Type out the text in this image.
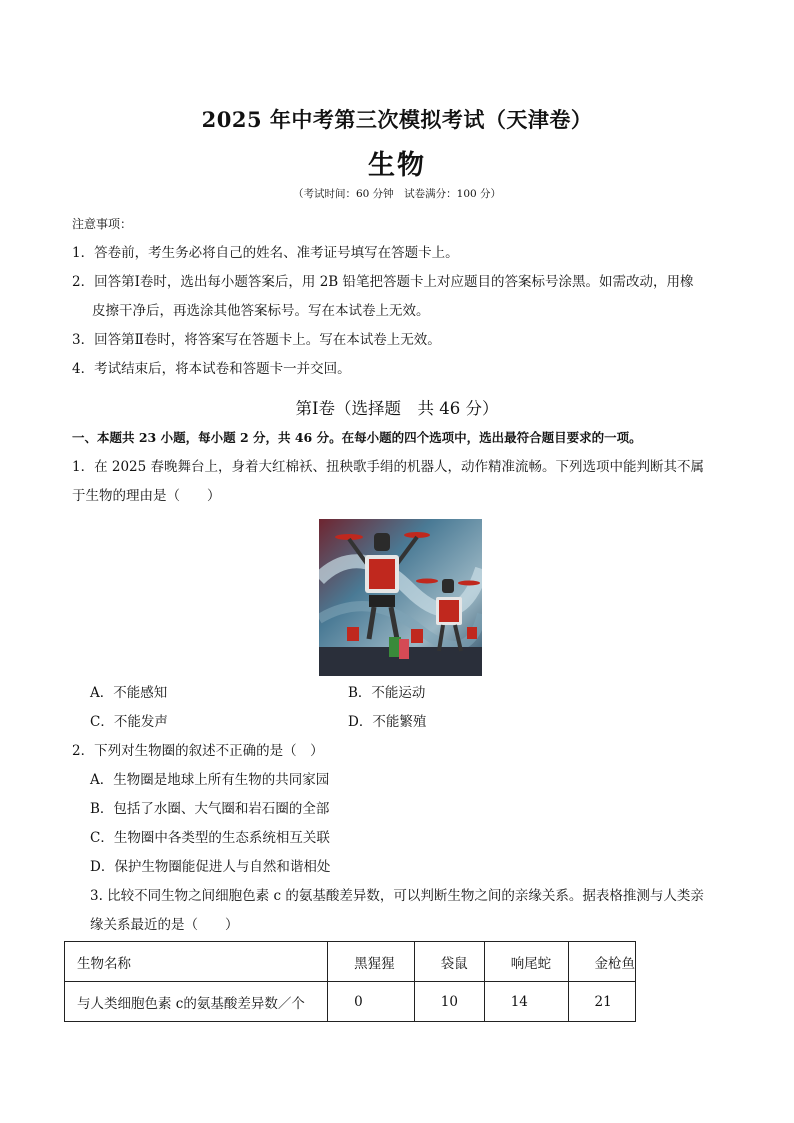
2025 年中考第三次模拟考试（天津卷）
生物
（考试时间：60 分钟　试卷满分：100 分）
注意事项：
1．答卷前，考生务必将自己的姓名、准考证号填写在答题卡上。
2．回答第Ⅰ卷时，选出每小题答案后，用 2B 铅笔把答题卡上对应题目的答案标号涂黑。如需改动，用橡
皮擦干净后，再选涂其他答案标号。写在本试卷上无效。
3．回答第Ⅱ卷时，将答案写在答题卡上。写在本试卷上无效。
4．考试结束后，将本试卷和答题卡一并交回。
第Ⅰ卷（选择题　共 46 分）
一、本题共 23 小题，每小题 2 分，共 46 分。在每小题的四个选项中，选出最符合题目要求的一项。
1．在 2025 春晚舞台上，身着大红棉袄、扭秧歌手绢的机器人，动作精准流畅。下列选项中能判断其不属
于生物的理由是（　　）
A．不能感知	B．不能运动
C．不能发声	D．不能繁殖
2．下列对生物圈的叙述不正确的是（　）
A．生物圈是地球上所有生物的共同家园
B．包括了水圈、大气圈和岩石圈的全部
C．生物圈中各类型的生态系统相互关联
D．保护生物圈能促进人与自然和谐相处
3. 比较不同生物之间细胞色素 c 的氨基酸差异数，可以判断生物之间的亲缘关系。据表格推测与人类亲
缘关系最近的是（　　）
生物名称	黑猩猩	袋鼠	响尾蛇	金枪鱼
与人类细胞色素 c的氨基酸差异数／个	0	10	14	21
